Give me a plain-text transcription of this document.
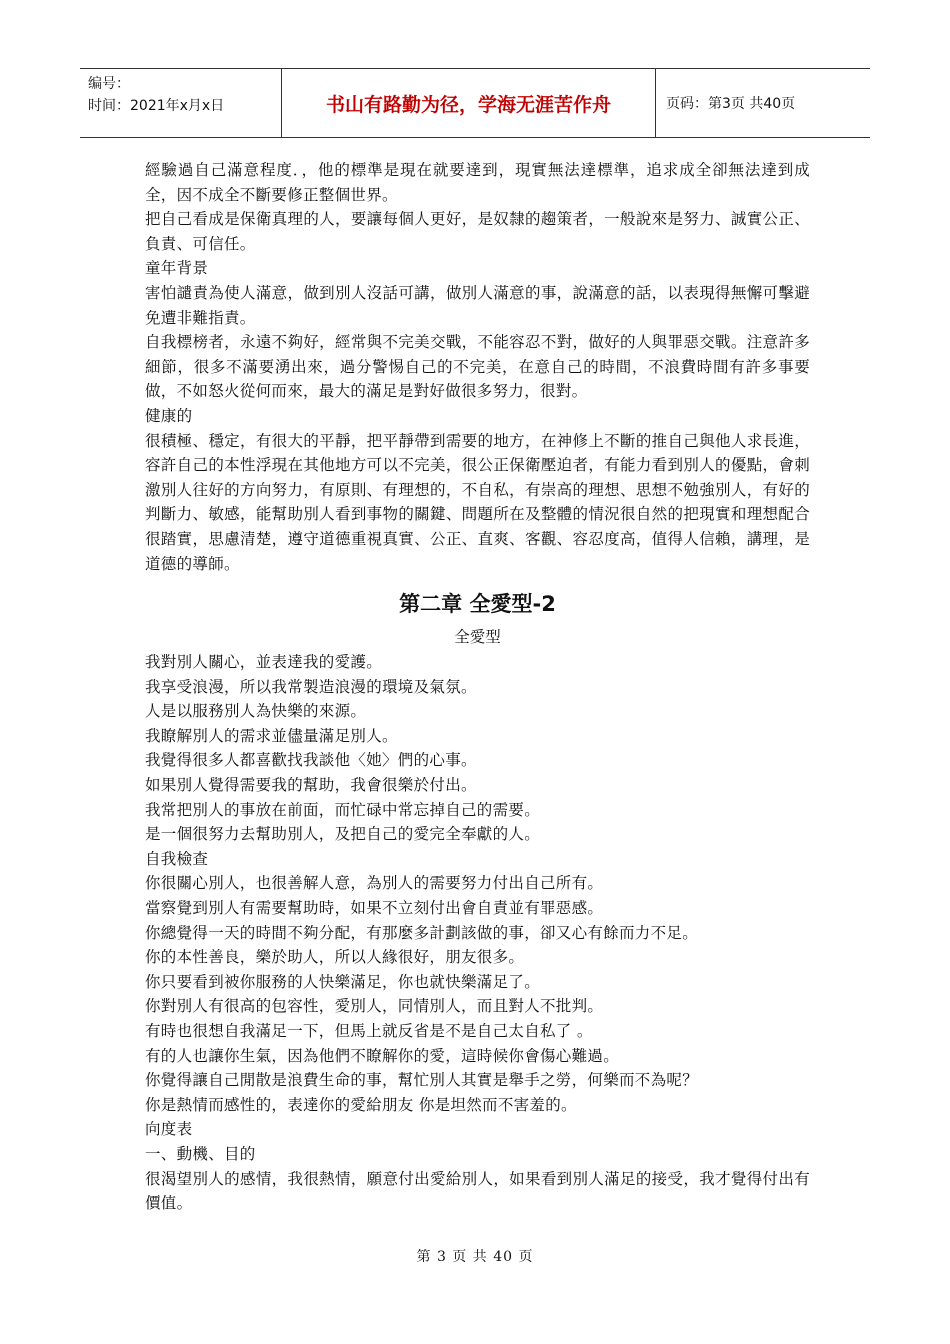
编号：
时间：2021年x月x日	书山有路勤为径，学海无涯苦作舟	页码：第3页 共40页

經驗過自己滿意程度．，他的標準是現在就要達到，現實無法達標準，追求成全卻無法達到成全，因不成全不斷要修正整個世界。

把自己看成是保衛真理的人，要讓每個人更好，是奴隸的趨策者，一般說來是努力、誠實公正、負責、可信任。

童年背景

害怕譴責為使人滿意，做到別人沒話可講，做別人滿意的事，說滿意的話，以表現得無懈可擊避免遭非難指責。

自我標榜者，永遠不夠好，經常與不完美交戰，不能容忍不對，做好的人與罪惡交戰。注意許多細節，很多不滿要湧出來，過分警惕自己的不完美，在意自己的時間，不浪費時間有許多事要做，不如怒火從何而來，最大的滿足是對好做很多努力，很對。

健康的

很積極、穩定，有很大的平靜，把平靜帶到需要的地方，在神修上不斷的推自己與他人求長進，容許自己的本性浮現在其他地方可以不完美，很公正保衛壓迫者，有能力看到別人的優點，會刺激別人往好的方向努力，有原則、有理想的，不自私，有崇高的理想、思想不勉強別人，有好的判斷力、敏感，能幫助別人看到事物的關鍵、問題所在及整體的情況很自然的把現實和理想配合很踏實，思慮清楚，遵守道德重視真實、公正、直爽、客觀、容忍度高，值得人信賴，講理，是道德的導師。

第二章 全愛型-2
全愛型

我對別人關心，並表達我的愛護。

我享受浪漫，所以我常製造浪漫的環境及氣氛。

人是以服務別人為快樂的來源。

我瞭解別人的需求並儘量滿足別人。

我覺得很多人都喜歡找我談他〈她〉們的心事。

如果別人覺得需要我的幫助，我會很樂於付出。

我常把別人的事放在前面，而忙碌中常忘掉自己的需要。

是一個很努力去幫助別人，及把自己的愛完全奉獻的人。

自我檢查

你很關心別人，也很善解人意，為別人的需要努力付出自己所有。

當察覺到別人有需要幫助時，如果不立刻付出會自責並有罪惡感。

你總覺得一天的時間不夠分配，有那麼多計劃該做的事，卻又心有餘而力不足。

你的本性善良，樂於助人，所以人緣很好，朋友很多。

你只要看到被你服務的人快樂滿足，你也就快樂滿足了。

你對別人有很高的包容性，愛別人，同情別人，而且對人不批判。

有時也很想自我滿足一下，但馬上就反省是不是自己太自私了 。

有的人也讓你生氣，因為他們不瞭解你的愛，這時候你會傷心難過。

你覺得讓自己閒散是浪費生命的事，幫忙別人其實是舉手之勞，何樂而不為呢？

你是熱情而感性的，表達你的愛給朋友 你是坦然而不害羞的。

向度表

一、動機、目的

很渴望別人的感情，我很熱情，願意付出愛給別人，如果看到別人滿足的接受，我才覺得付出有價值。

第 3 页 共 40 页
